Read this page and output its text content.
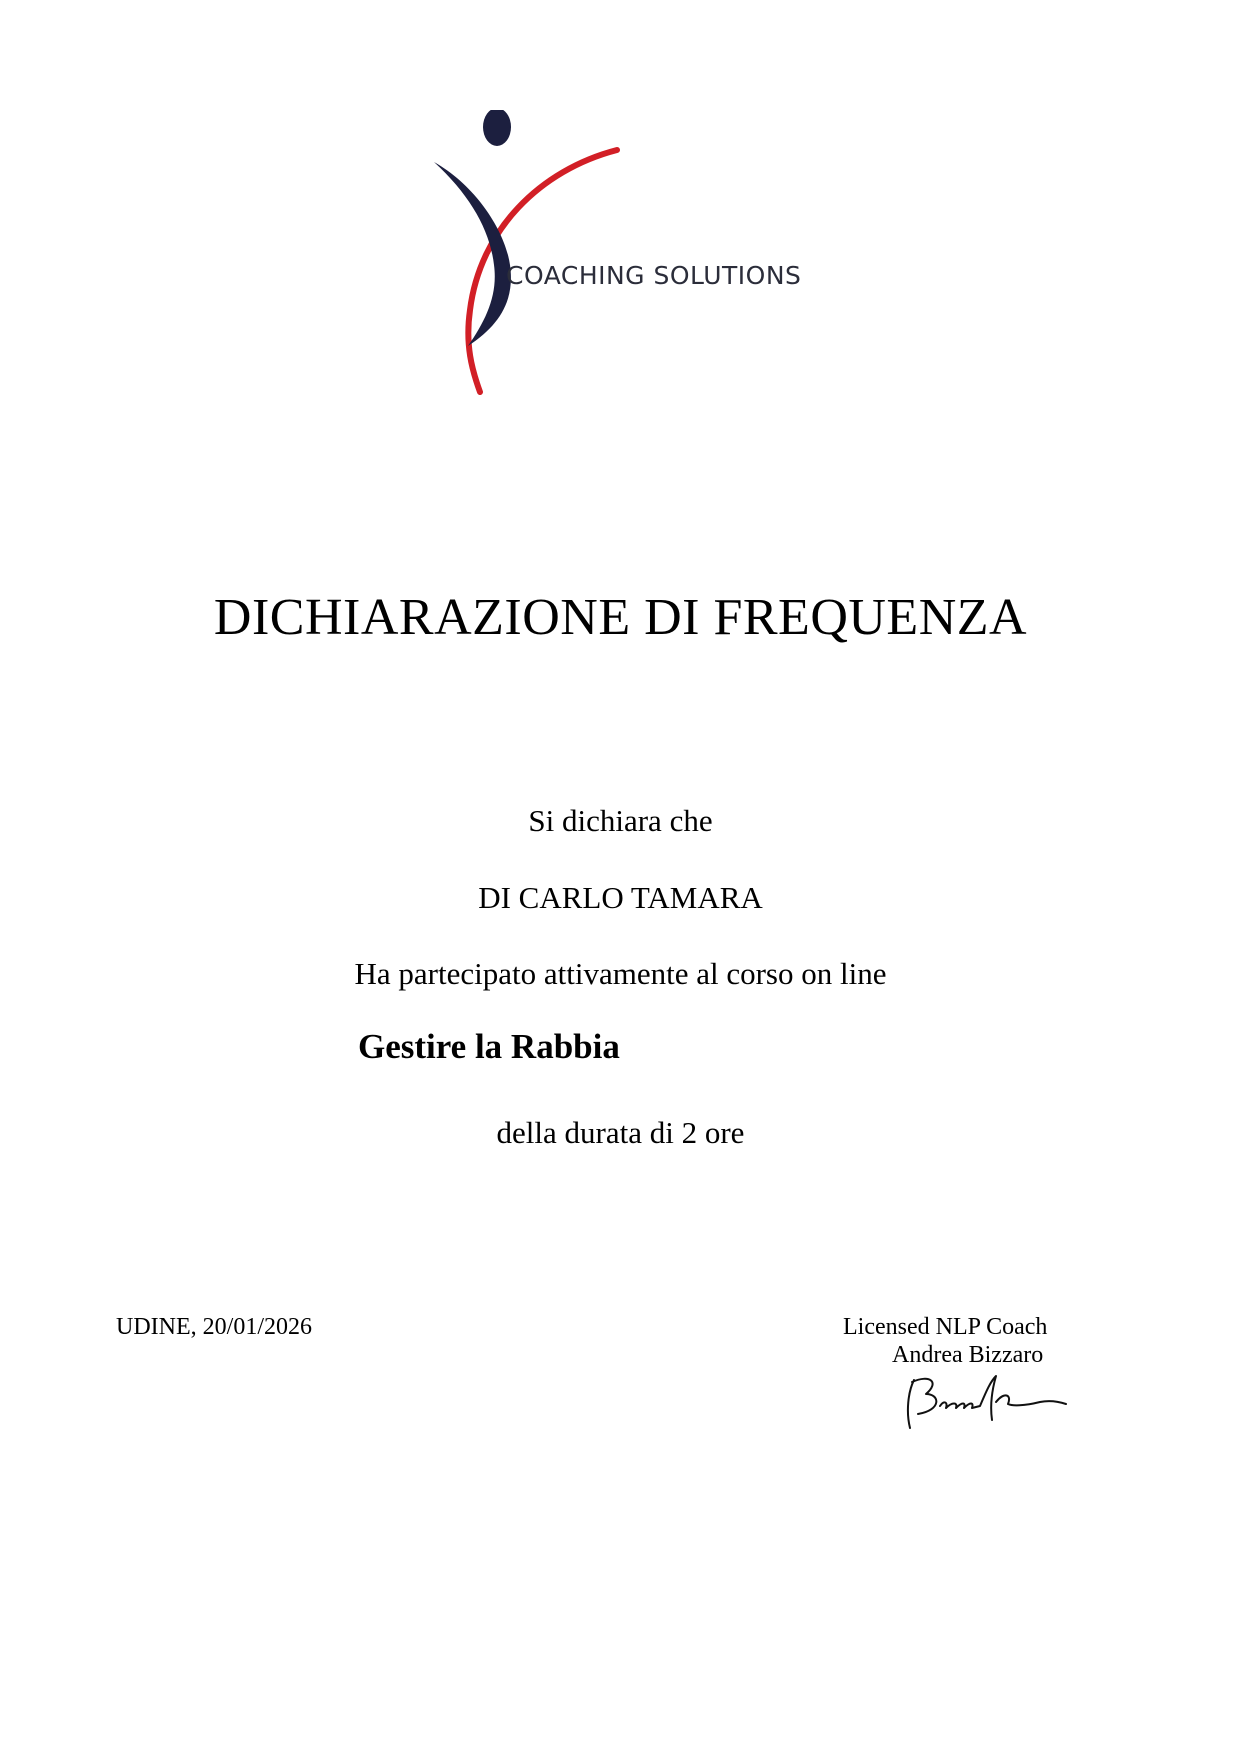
COACHING SOLUTIONS
DICHIARAZIONE DI FREQUENZA
Si dichiara che
DI CARLO TAMARA
Ha partecipato attivamente al corso on line
Gestire la Rabbia
della durata di 2 ore
UDINE, 20/01/2026	Licensed NLP Coach
Andrea Bizzaro
